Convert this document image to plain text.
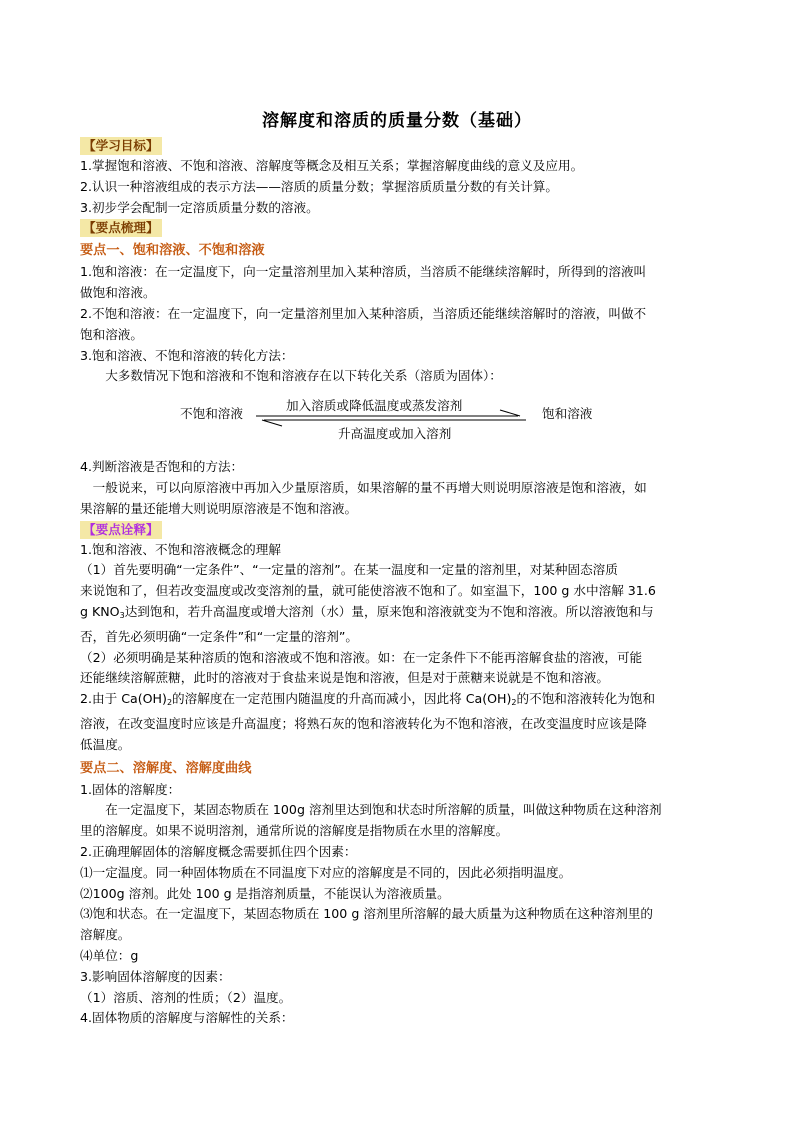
溶解度和溶质的质量分数（基础）
【学习目标】

1.掌握饱和溶液、不饱和溶液、溶解度等概念及相互关系；掌握溶解度曲线的意义及应用。

2.认识一种溶液组成的表示方法——溶质的质量分数；掌握溶质质量分数的有关计算。

3.初步学会配制一定溶质质量分数的溶液。

【要点梳理】
要点一、饱和溶液、不饱和溶液

1.饱和溶液：在一定温度下，向一定量溶剂里加入某种溶质，当溶质不能继续溶解时，所得到的溶液叫

做饱和溶液。

2.不饱和溶液：在一定温度下，向一定量溶剂里加入某种溶质，当溶质还能继续溶解时的溶液，叫做不

饱和溶液。

3.饱和溶液、不饱和溶液的转化方法：

大多数情况下饱和溶液和不饱和溶液存在以下转化关系（溶质为固体）：

不饱和溶液	饱和溶液
加入溶质或降低温度或蒸发溶剂
升高温度或加入溶剂

4.判断溶液是否饱和的方法：

一般说来，可以向原溶液中再加入少量原溶质，如果溶解的量不再增大则说明原溶液是饱和溶液，如

果溶解的量还能增大则说明原溶液是不饱和溶液。

【要点诠释】

1.饱和溶液、不饱和溶液概念的理解

（1）首先要明确“一定条件”、“一定量的溶剂”。在某一温度和一定量的溶剂里，对某种固态溶质

来说饱和了，但若改变温度或改变溶剂的量，就可能使溶液不饱和了。如室温下，100 g 水中溶解 31.6

g $KNO_3$达到饱和，若升高温度或增大溶剂（水）量，原来饱和溶液就变为不饱和溶液。所以溶液饱和与

否，首先必须明确“一定条件”和“一定量的溶剂”。

（2）必须明确是某种溶质的饱和溶液或不饱和溶液。如：在一定条件下不能再溶解食盐的溶液，可能

还能继续溶解蔗糖，此时的溶液对于食盐来说是饱和溶液，但是对于蔗糖来说就是不饱和溶液。

2.由于 $Ca(OH)_2$的溶解度在一定范围内随温度的升高而减小，因此将 $Ca(OH)_2$的不饱和溶液转化为饱和

溶液，在改变温度时应该是升高温度；将熟石灰的饱和溶液转化为不饱和溶液，在改变温度时应该是降

低温度。

要点二、溶解度、溶解度曲线

1.固体的溶解度：

在一定温度下，某固态物质在 100g 溶剂里达到饱和状态时所溶解的质量，叫做这种物质在这种溶剂

里的溶解度。如果不说明溶剂，通常所说的溶解度是指物质在水里的溶解度。

2.正确理解固体的溶解度概念需要抓住四个因素：

⑴一定温度。同一种固体物质在不同温度下对应的溶解度是不同的，因此必须指明温度。

⑵100g 溶剂。此处 100 g 是指溶剂质量，不能误认为溶液质量。

⑶饱和状态。在一定温度下，某固态物质在 100 g 溶剂里所溶解的最大质量为这种物质在这种溶剂里的

溶解度。

⑷单位：g

3.影响固体溶解度的因素：

（1）溶质、溶剂的性质；（2）温度。

4.固体物质的溶解度与溶解性的关系：
